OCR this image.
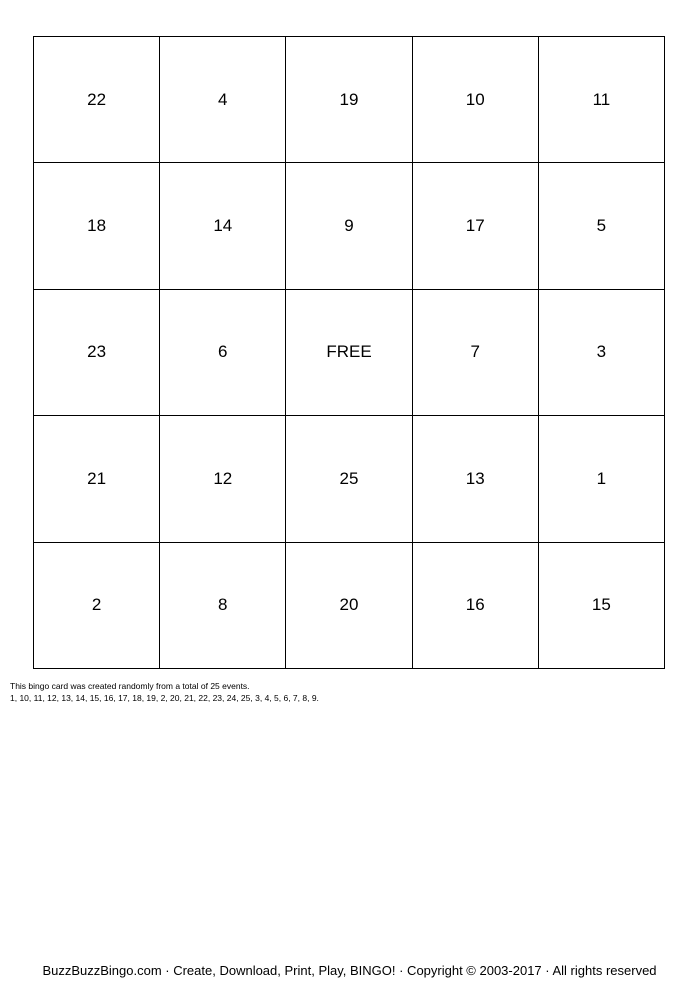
22	4	19	10	11
18	14	9	17	5
23	6	FREE	7	3
21	12	25	13	1
2	8	20	16	15
This bingo card was created randomly from a total of 25 events.
1, 10, 11, 12, 13, 14, 15, 16, 17, 18, 19, 2, 20, 21, 22, 23, 24, 25, 3, 4, 5, 6, 7, 8, 9.
BuzzBuzzBingo.com · Create, Download, Print, Play, BINGO! · Copyright © 2003-2017 · All rights reserved
